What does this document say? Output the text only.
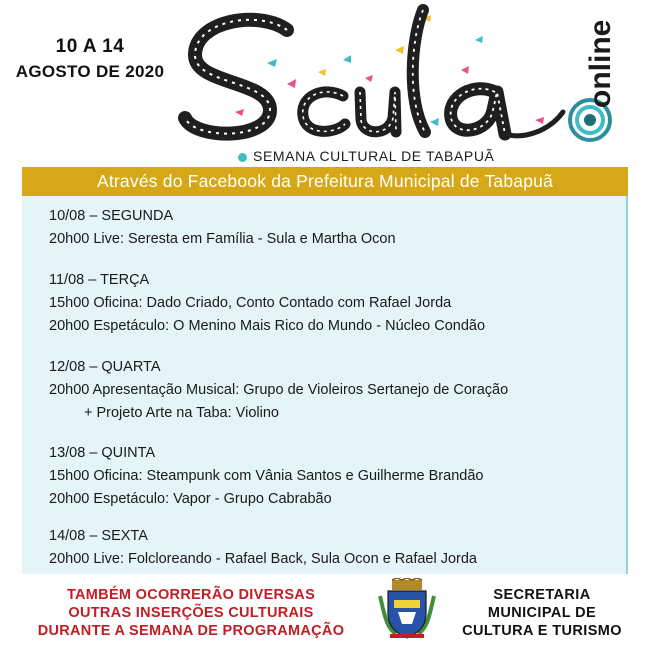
10 A 14
AGOSTO DE 2020	online
SEMANA CULTURAL DE TABAPUÃ
Através do Facebook da Prefeitura Municipal de Tabapuã
10/08 – SEGUNDA
20h00 Live: Seresta em Família - Sula e Martha Ocon
11/08 – TERÇA
15h00 Oficina: Dado Criado, Conto Contado com Rafael Jorda
20h00 Espetáculo: O Menino Mais Rico do Mundo - Núcleo Condão
12/08 – QUARTA
20h00 Apresentação Musical: Grupo de Violeiros Sertanejo de Coração
+ Projeto Arte na Taba: Violino
13/08 – QUINTA
15h00 Oficina: Steampunk com Vânia Santos e Guilherme Brandão
20h00 Espetáculo: Vapor - Grupo Cabrabão
14/08 – SEXTA
20h00 Live: Folcloreando - Rafael Back, Sula Ocon e Rafael Jorda
TAMBÉM OCORRERÃO DIVERSAS
OUTRAS INSERÇÕES CULTURAIS
DURANTE A SEMANA DE PROGRAMAÇÃO
SECRETARIA
MUNICIPAL DE
CULTURA E TURISMO
